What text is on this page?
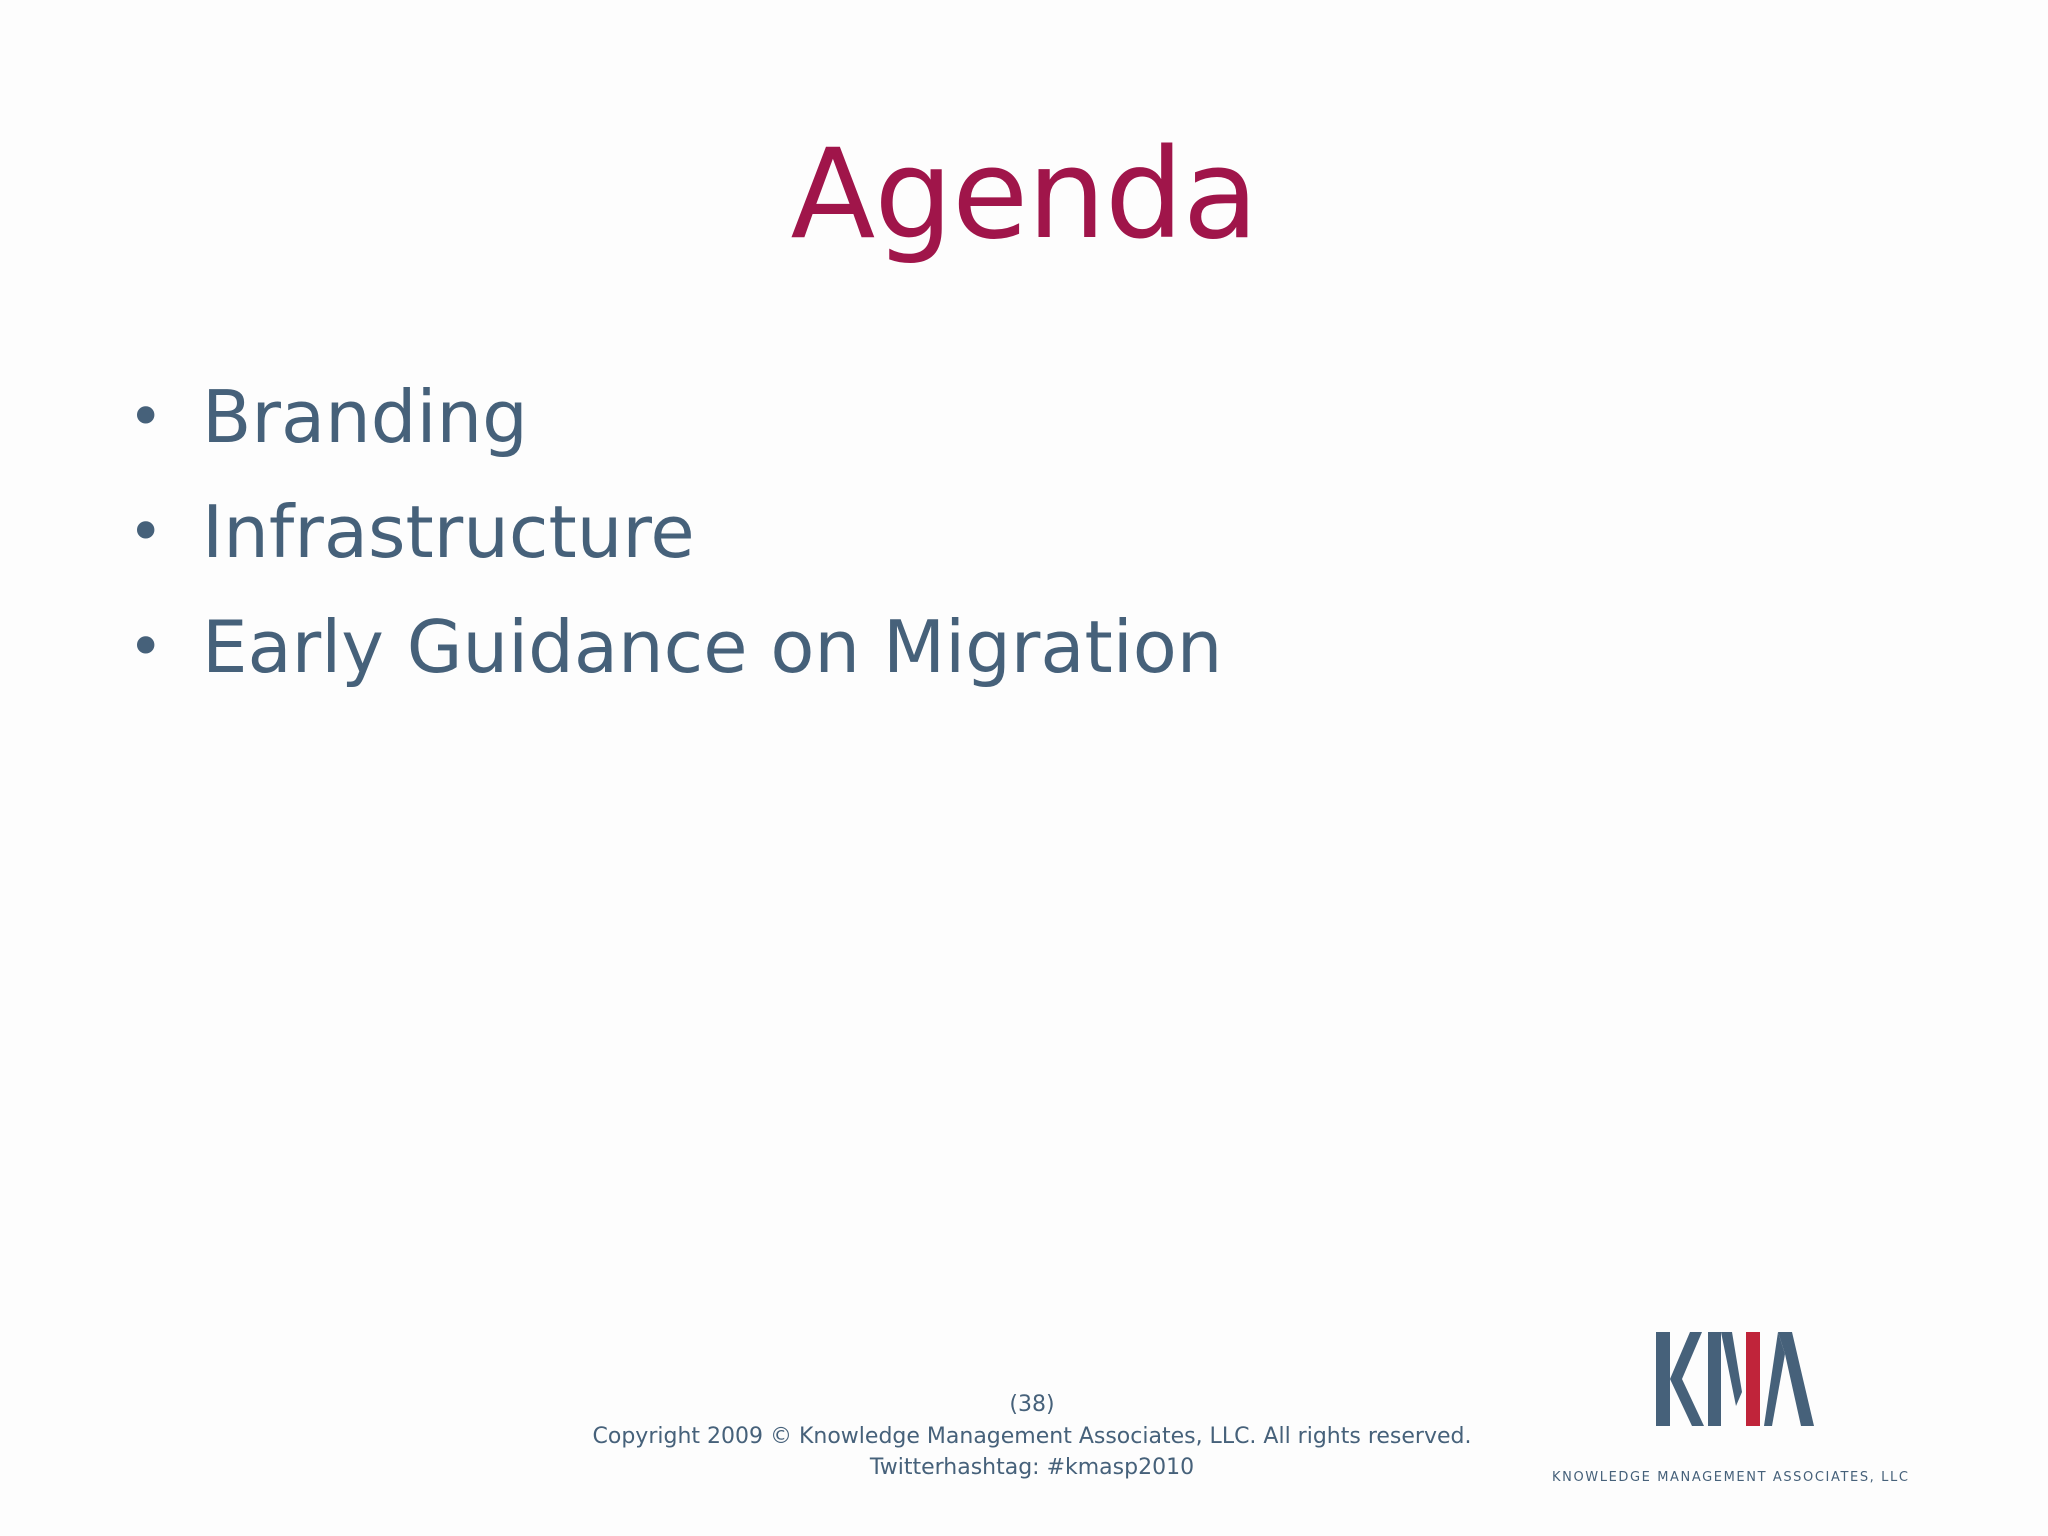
Agenda
• Branding
• Infrastructure
• Early Guidance on Migration
(38)
Copyright 2009 © Knowledge Management Associates, LLC. All rights reserved.
Twitterhashtag: #kmasp2010	KNOWLEDGE MANAGEMENT ASSOCIATES, LLC
